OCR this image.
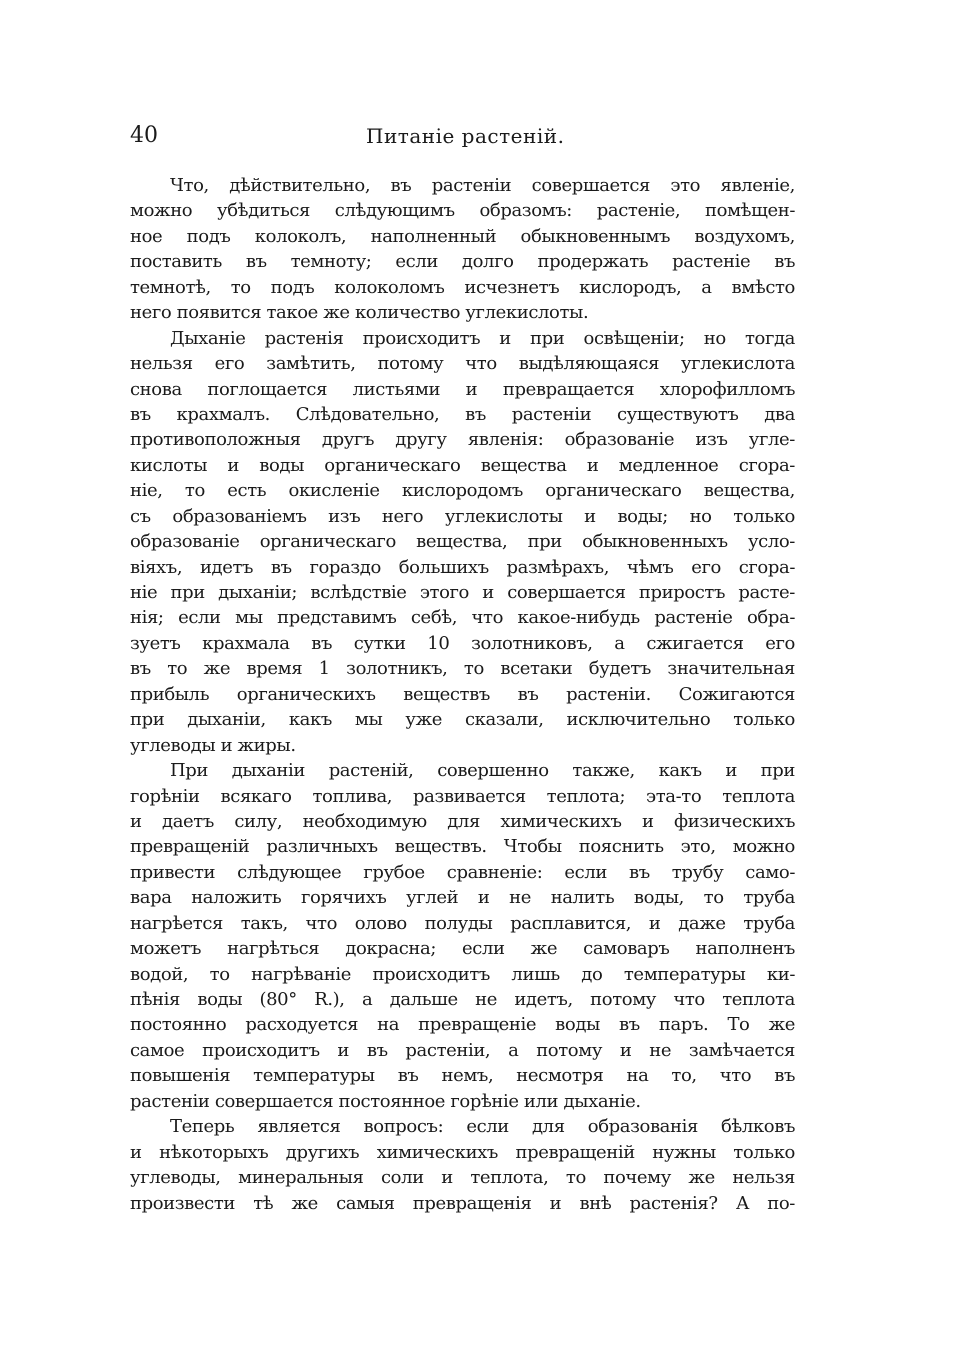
40	Питаніе растеній.
Что, дѣйствительно, въ растеніи совершается это явленіе,
можно убѣдиться слѣдующимъ образомъ: растеніе, помѣщен-
ное подъ колоколъ, наполненный обыкновеннымъ воздухомъ,
поставить въ темноту; если долго продержать растеніе въ
темнотѣ, то подъ колоколомъ исчезнетъ кислородъ, а вмѣсто
него появится такое же количество углекислоты.
Дыханіе растенія происходитъ и при освѣщеніи; но тогда
нельзя его замѣтить, потому что выдѣляющаяся углекислота
снова поглощается листьями и превращается хлорофилломъ
въ крахмалъ. Слѣдовательно, въ растеніи существуютъ два
противоположныя другъ другу явленія: образованіе изъ угле-
кислоты и воды органическаго вещества и медленное сгора-
ніе, то есть окисленіе кислородомъ органическаго вещества,
съ образованіемъ изъ него углекислоты и воды; но только
образованіе органическаго вещества, при обыкновенныхъ усло-
віяхъ, идетъ въ гораздо большихъ размѣрахъ, чѣмъ его сгора-
ніе при дыханіи; вслѣдствіе этого и совершается приростъ расте-
нія; если мы представимъ себѣ, что какое-нибудь растеніе обра-
зуетъ крахмала въ сутки 10 золотниковъ, а сжигается его
въ то же время 1 золотникъ, то всетаки будетъ значительная
прибыль органическихъ веществъ въ растеніи. Сожигаются
при дыханіи, какъ мы уже сказали, исключительно только
углеводы и жиры.
При дыханіи растеній, совершенно также, какъ и при
горѣніи всякаго топлива, развивается теплота; эта-то теплота
и даетъ силу, необходимую для химическихъ и физическихъ
превращеній различныхъ веществъ. Чтобы пояснить это, можно
привести слѣдующее грубое сравненіе: если въ трубу само-
вара наложить горячихъ углей и не налить воды, то труба
нагрѣется такъ, что олово полуды расплавится, и даже труба
можетъ нагрѣться докрасна; если же самоваръ наполненъ
водой, то нагрѣваніе происходитъ лишь до температуры ки-
пѣнія воды (80° R.), а дальше не идетъ, потому что теплота
постоянно расходуется на превращеніе воды въ паръ. То же
самое происходитъ и въ растеніи, а потому и не замѣчается
повышенія температуры въ немъ, несмотря на то, что въ
растеніи совершается постоянное горѣніе или дыханіе.
Теперь является вопросъ: если для образованія бѣлковъ
и нѣкоторыхъ другихъ химическихъ превращеній нужны только
углеводы, минеральныя соли и теплота, то почему же нельзя
произвести тѣ же самыя превращенія и внѣ растенія? А по-
